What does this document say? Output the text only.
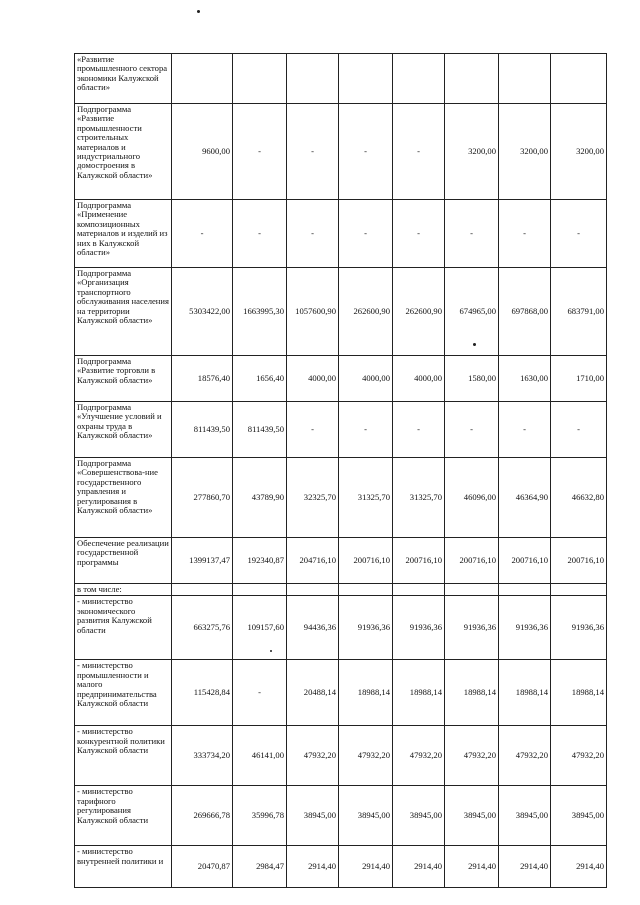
«Развитие промышленного сектора экономики Калужской области»								
Подпрограмма «Развитие промышленности строительных материалов и индустриального домостроения в Калужской области»	9600,00	-	-	-	-	3200,00	3200,00	3200,00
Подпрограмма «Применение композиционных материалов и изделий из них в Калужской области»	-	-	-	-	-	-	-	-
Подпрограмма «Организация транспортного обслуживания населения на территории Калужской области»	5303422,00	1663995,30	1057600,90	262600,90	262600,90	674965,00	697868,00	683791,00
Подпрограмма «Развитие торговли в Калужской области»	18576,40	1656,40	4000,00	4000,00	4000,00	1580,00	1630,00	1710,00
Подпрограмма «Улучшение условий и охраны труда в Калужской области»	811439,50	811439,50	-	-	-	-	-	-
Подпрограмма «Совершенствова-ние государственного управления и регулирования в Калужской области»	277860,70	43789,90	32325,70	31325,70	31325,70	46096,00	46364,90	46632,80
Обеспечение реализации государственной программы	1399137,47	192340,87	204716,10	200716,10	200716,10	200716,10	200716,10	200716,10
в том числе:								
- министерство экономического развития Калужской области	663275,76	109157,60	94436,36	91936,36	91936,36	91936,36	91936,36	91936,36
- министерство промышленности и малого предпринимательства Калужской области	115428,84	-	20488,14	18988,14	18988,14	18988,14	18988,14	18988,14
- министерство конкурентной политики Калужской области	333734,20	46141,00	47932,20	47932,20	47932,20	47932,20	47932,20	47932,20
- министерство тарифного регулирования Калужской области	269666,78	35996,78	38945,00	38945,00	38945,00	38945,00	38945,00	38945,00
- министерство внутренней политики и	20470,87	2984,47	2914,40	2914,40	2914,40	2914,40	2914,40	2914,40
